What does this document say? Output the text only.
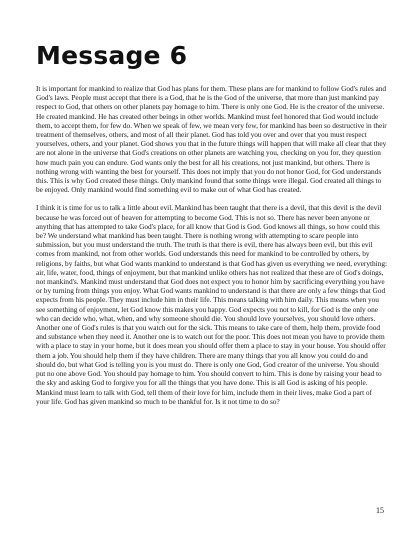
Message 6

It is important for mankind to realize that God has plans for them. These plans are for mankind to follow God's rules and God's laws. People must accept that there is a God, that he is the God of the universe, that more than just mankind pay respect to God, that others on other planets pay homage to him. There is only one God. He is the creator of the universe. He created mankind. He has created other beings in other worlds. Mankind must feel honored that God would include them, to accept them, for few do. When we speak of few, we mean very few, for mankind has been so destructive in their treatment of themselves, others, and most of all their planet. God has told you over and over that you must respect yourselves, others, and your planet. God shows you that in the future things will happen that will make all clear that they are not alone in the universe that God's creations on other planets are watching you, checking on you for, they question how much pain you can endure. God wants only the best for all his creations, not just mankind, but others. There is nothing wrong with wanting the best for yourself. This does not imply that you do not honor God, for God understands this. This is why God created these things. Only mankind found that some things were illegal. God created all things to be enjoyed. Only mankind would find something evil to make out of what God has created.

I think it is time for us to talk a little about evil. Mankind has been taught that there is a devil, that this devil is the devil because he was forced out of heaven for attempting to become God. This is not so. There has never been anyone or anything that has attempted to take God's place, for all know that God is God. God knows all things, so how could this be? We understand what mankind has been taught. There is nothing wrong with attempting to scare people into submission, but you must understand the truth. The truth is that there is evil, there has always been evil, but this evil comes from mankind, not from other worlds. God understands this need for mankind to be controlled by others, by religions, by faiths, but what God wants mankind to understand is that God has given us everything we need, everything: air, life, water, food, things of enjoyment, but that mankind unlike others has not realized that these are of God's doings, not mankind's. Mankind must understand that God does not expect you to honor him by sacrificing everything you have or by turning from things you enjoy. What God wants mankind to understand is that there are only a few things that God expects from his people. They must include him in their life. This means talking with him daily. This means when you see something of enjoyment, let God know this makes you happy. God expects you not to kill, for God is the only one who can decide who, what, when, and why someone should die. You should love yourselves, you should love others. Another one of God's rules is that you watch out for the sick. This means to take care of them, help them, provide food and substance when they need it. Another one is to watch out for the poor. This does not mean you have to provide them with a place to stay in your home, but it does mean you should offer them a place to stay in your house. You should offer them a job. You should help them if they have children. There are many things that you all know you could do and should do, but what God is telling you is you must do. There is only one God, God creator of the universe. You should put no one above God. You should pay homage to him. You should convert to him. This is done by raising your head to the sky and asking God to forgive you for all the things that you have done. This is all God is asking of his people. Mankind must learn to talk with God, tell them of their love for him, include them in their lives, make God a part of your life. God has given mankind so much to be thankful for. Is it not time to do so?

15
